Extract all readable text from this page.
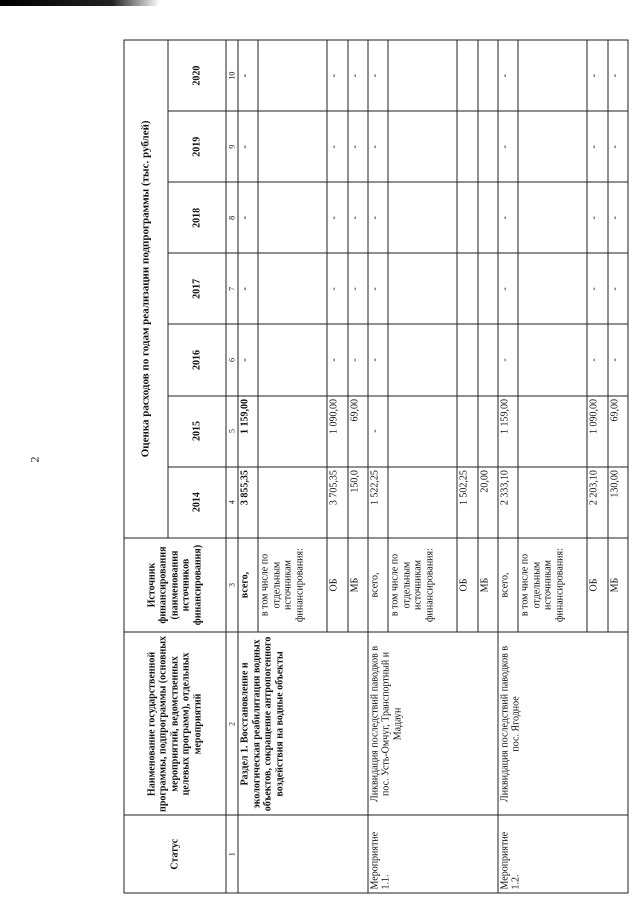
2
Статус	Наименование государственной программы, подпрограммы (основных мероприятий, ведомственных целевых программ), отдельных мероприятий	Источник финансирования (наименования источников финансирования)	Оценка расходов по годам реализации подпрограммы (тыс. рублей)						
			2014	2015	2016	2017	2018	2019	2020
1	2	3	4	5	6	7	8	9	10
	Раздел 1. Восстановление и экологическая реабилитация водных объектов, сокращение антропогенного воздействия на водные объекты	всего,	3 855,35	1 159,00	-	-	-	-	-
		в том числе по отдельным источникам финансирования:							
		ОБ	3 705,35	1 090,00	-	-	-	-	-
		МБ	150,0	69,00	-	-	-	-	-
Мероприятие 1.1.	Ликвидация последствий паводков в пос. Усть-Омчуг, Транспортный и Мадаун	всего,	1 522,25	-	-	-	-	-	-
		в том числе по отдельным источникам финансирования:							
		ОБ	1 502,25						
		МБ	20,00						
Мероприятие 1.2.	Ликвидация последствий паводков в пос. Ягодное	всего,	2 333,10	1 159,00	-	-	-	-	-
		в том числе по отдельным источникам финансирования:							
		ОБ	2 203,10	1 090,00	-	-	-	-	-
		МБ	130,00	69,00	-	-	-	-	-
